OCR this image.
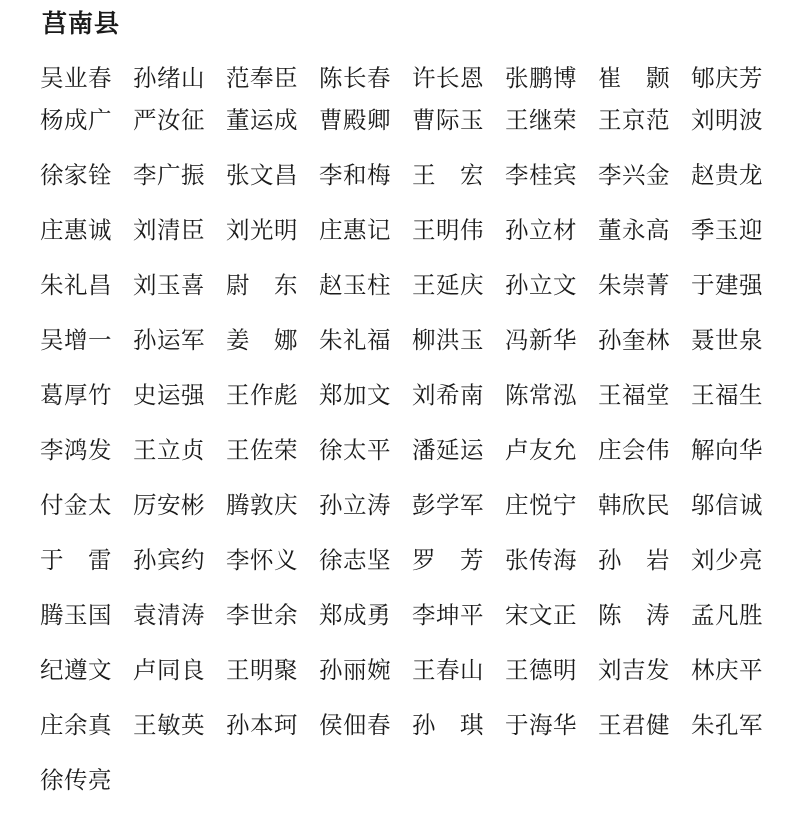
莒南县
吴业春 孙绪山 范奉臣 陈长春 许长恩 张鹏博 崔　颢 郇庆芳
杨成广 严汝征 董运成 曹殿卿 曹际玉 王继荣 王京范 刘明波
徐家铨 李广振 张文昌 李和梅 王　宏 李桂宾 李兴金 赵贵龙
庄惠诚 刘清臣 刘光明 庄惠记 王明伟 孙立材 董永高 季玉迎
朱礼昌 刘玉喜 尉　东 赵玉柱 王延庆 孙立文 朱崇菁 于建强
吴增一 孙运军 姜　娜 朱礼福 柳洪玉 冯新华 孙奎林 聂世泉
葛厚竹 史运强 王作彪 郑加文 刘希南 陈常泓 王福堂 王福生
李鸿发 王立贞 王佐荣 徐太平 潘延运 卢友允 庄会伟 解向华
付金太 厉安彬 腾敦庆 孙立涛 彭学军 庄悦宁 韩欣民 邬信诚
于　雷 孙宾约 李怀义 徐志坚 罗　芳 张传海 孙　岩 刘少亮
腾玉国 袁清涛 李世余 郑成勇 李坤平 宋文正 陈　涛 孟凡胜
纪遵文 卢同良 王明聚 孙丽婉 王春山 王德明 刘吉发 林庆平
庄余真 王敏英 孙本珂 侯佃春 孙　琪 于海华 王君健 朱孔军
徐传亮
